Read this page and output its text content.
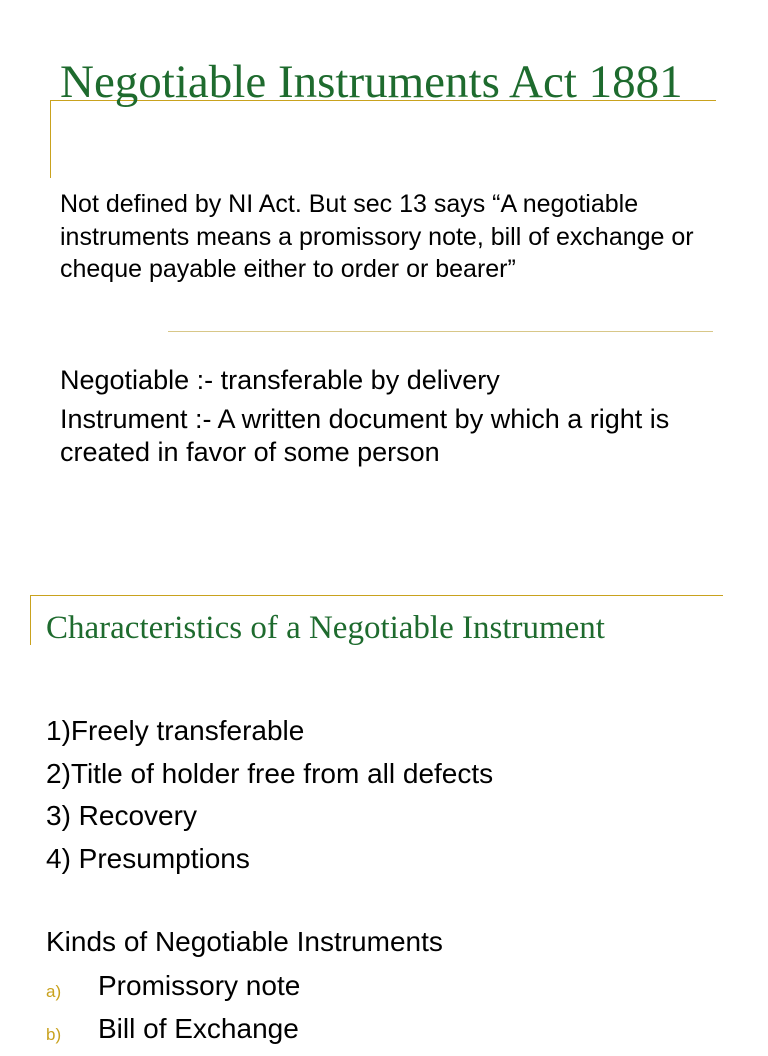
Negotiable Instruments Act 1881
Not defined by NI Act. But sec 13 says “A negotiable instruments means a promissory note, bill of exchange or cheque payable either to order or bearer”

Negotiable :- transferable by delivery

Instrument :- A written document by which a right is created in favor of some person

Characteristics of a Negotiable Instrument
1)Freely transferable
2)Title of holder free from all defects
3) Recovery
4) Presumptions
Kinds of Negotiable Instruments
a) Promissory note
b) Bill of Exchange
